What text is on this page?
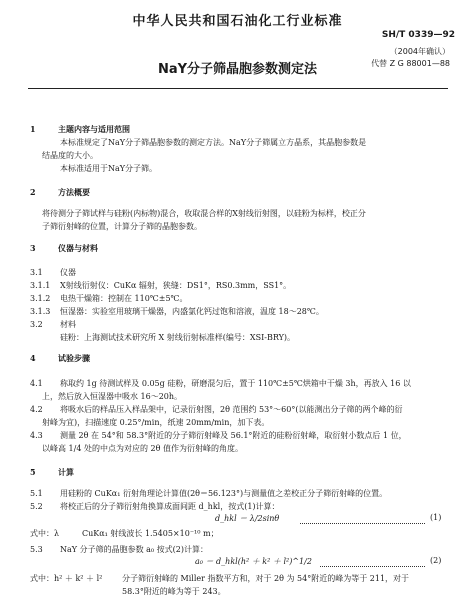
中华人民共和国石油化工行业标准
SH/T 0339—92
（2004年确认）
代替 Z G 88001—88
NaY分子筛晶胞参数测定法
1	主题内容与适用范围
本标准规定了NaY分子筛晶胞参数的测定方法。NaY分子筛属立方晶系，其晶胞参数是
结晶度的大小。
本标准适用于NaY分子筛。
2	方法概要
将待测分子筛试样与硅粉(内标物)混合，收取混合样的X射线衍射图，以硅粉为标样，校正分
子筛衍射峰的位置，计算分子筛的晶胞参数。
3	仪器与材料
3.1 仪器
3.1.1 X射线衍射仪：CuKα 辐射，狭缝：DS1°，RS0.3mm，SS1°。
3.1.2 电热干燥箱：控制在 110℃±5℃。
3.1.3 恒湿器：实验室用玻璃干燥器，内盛氯化钙过饱和溶液，温度 18～28℃。
3.2 材料
硅粉：上海测试技术研究所 X 射线衍射标准样(编号：XSI-BRY)。
4	试验步骤
4.1 称取约 1g 待测试样及 0.05g 硅粉，研磨混匀后，置于 110℃±5℃烘箱中干燥 3h，再放入 16 以
上，然后放入恒湿器中吸水 16～20h。
4.2 将吸水后的样品压入样品架中，记录衍射图，2θ 范围约 53°～60°(以能测出分子筛的两个峰的衍
射峰为宜)，扫描速度 0.25°/min，纸速 20mm/min，加下表。
4.3 测量 2θ 在 54°和 58.3°附近的分子筛衍射峰及 56.1°附近的硅粉衍射峰，取衍射小数点后 1 位，
以峰高 1/4 处的中点为对应的 2θ 值作为衍射峰的角度。
5	计算
5.1 用硅粉的 CuKα₁ 衍射角理论计算值(2θ＝56.123°)与测量值之差校正分子筛衍射峰的位置。
5.2 将校正后的分子筛衍射角换算成面间距 d_hkl，按式(1)计算：
d_hkl ＝ λ/2sinθ	(1)
式中：λ	CuKα₁ 射线波长 1.5405×10⁻¹⁰ m；
5.3 NaY 分子筛的晶胞参数 a₀ 按式(2)计算：
a₀ ＝ d_hkl(h² ＋ k² ＋ l²)^1/2	(2)
式中：h² ＋ k² ＋ l² 分子筛衍射峰的 Miller 指数平方和，对于 2θ 为 54°附近的峰为等于 211，对于
58.3°附近的峰为等于 243。
